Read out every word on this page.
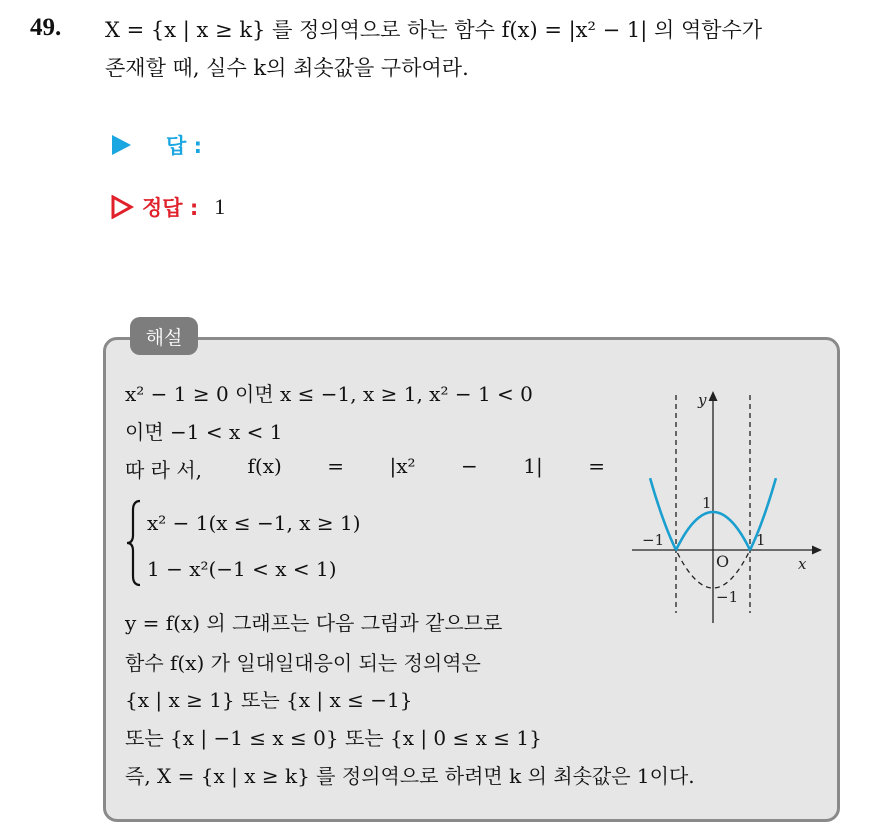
49. X = {x | x ≥ k} 를 정의역으로 하는 함수 f(x) = |x² − 1| 의 역함수가
존재할 때, 실수 k의 최솟값을 구하여라.
답 :
정답 : 1
해설
x² − 1 ≥ 0 이면 x ≤ −1, x ≥ 1, x² − 1 < 0
이면 −1 < x < 1
따 라 서, f(x) = |x² − 1| =
x² − 1(x ≤ −1, x ≥ 1)
1 − x²(−1 < x < 1)
y = f(x) 의 그래프는 다음 그림과 같으므로
함수 f(x) 가 일대일대응이 되는 정의역은
{x | x ≥ 1} 또는 {x | x ≤ −1}
또는 {x | −1 ≤ x ≤ 0} 또는 {x | 0 ≤ x ≤ 1}
즉, X = {x | x ≥ k} 를 정의역으로 하려면 k 의 최솟값은 1이다.
y
x
O
1
−1	1
−1
